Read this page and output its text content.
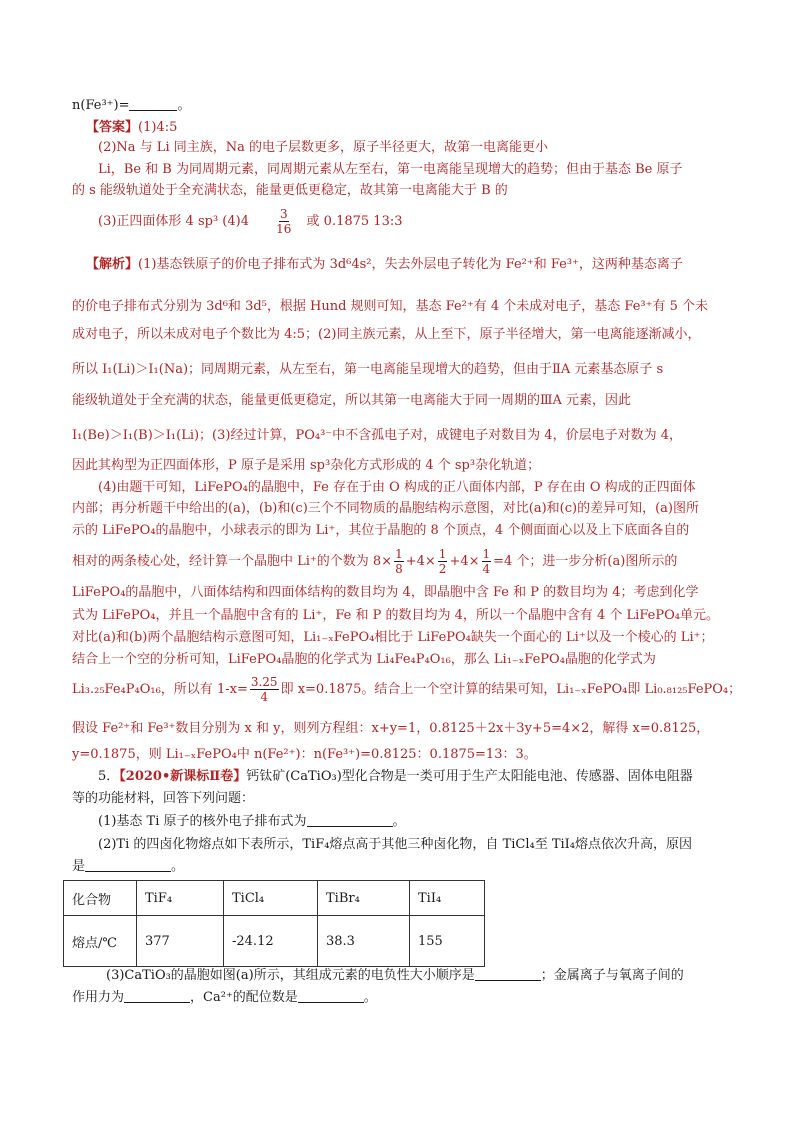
n(Fe³⁺)=	。
【答案】(1)4:5
(2)Na 与 Li 同主族，Na 的电子层数更多，原子半径更大，故第一电离能更小
Li，Be 和 B 为同周期元素，同周期元素从左至右，第一电离能呈现增大的趋势；但由于基态 Be 原子
的 s 能级轨道处于全充满状态，能量更低更稳定，故其第一电离能大于 B 的
(3)正四面体形 4 sp³ $(4)4 \frac{3}{16}$ 或 0.1875 13:3
【解析】(1)基态铁原子的价电子排布式为 3d⁶4s²，失去外层电子转化为 Fe²⁺和 Fe³⁺，这两种基态离子
的价电子排布式分别为 3d⁶和 3d⁵，根据 Hund 规则可知，基态 Fe²⁺有 4 个未成对电子，基态 Fe³⁺有 5 个未
成对电子，所以未成对电子个数比为 4:5；(2)同主族元素，从上至下，原子半径增大，第一电离能逐渐减小，
所以 I₁(Li)＞I₁(Na)；同周期元素，从左至右，第一电离能呈现增大的趋势，但由于ⅡA 元素基态原子 s
能级轨道处于全充满的状态，能量更低更稳定，所以其第一电离能大于同一周期的ⅢA 元素，因此
I₁(Be)＞I₁(B)＞I₁(Li)；(3)经过计算，PO₄³⁻中不含孤电子对，成键电子对数目为 4，价层电子对数为 4，
因此其构型为正四面体形，P 原子是采用 sp³杂化方式形成的 4 个 sp³杂化轨道；
(4)由题干可知，LiFePO₄的晶胞中，Fe 存在于由 O 构成的正八面体内部，P 存在由 O 构成的正四面体
内部；再分析题干中给出的(a)，(b)和(c)三个不同物质的晶胞结构示意图，对比(a)和(c)的差异可知，(a)图所
示的 LiFePO₄的晶胞中，小球表示的即为 Li⁺，其位于晶胞的 8 个顶点，4 个侧面面心以及上下底面各自的
相对的两条棱心处，经计算一个晶胞中 Li⁺的个数为 $8\times \frac{1}{8} +4\times \frac{1}{2} +4\times \frac{1}{4} =4$ 个；进一步分析(a)图所示的
LiFePO₄的晶胞中，八面体结构和四面体结构的数目均为 4，即晶胞中含 Fe 和 P 的数目均为 4；考虑到化学
式为 LiFePO₄，并且一个晶胞中含有的 Li⁺，Fe 和 P 的数目均为 4，所以一个晶胞中含有 4 个 LiFePO₄单元。
对比(a)和(b)两个晶胞结构示意图可知，Li₁₋ₓFePO₄相比于 LiFePO₄缺失一个面心的 Li⁺以及一个棱心的 Li⁺；
结合上一个空的分析可知，LiFePO₄晶胞的化学式为 Li₄Fe₄P₄O₁₆，那么 Li₁₋ₓFePO₄晶胞的化学式为
Li₃.₂₅Fe₄P₄O₁₆，所以有 $1-x= \frac{3.25}{4}$ 即 x=0.1875。结合上一个空计算的结果可知，Li₁₋ₓFePO₄即 Li₀.₈₁₂₅FePO₄；
假设 Fe²⁺和 Fe³⁺数目分别为 x 和 y，则列方程组：x+y=1，0.8125＋2x＋3y+5=4×2，解得 x=0.8125，
y=0.1875，则 Li₁₋ₓFePO₄中 n(Fe²⁺)：n(Fe³⁺)=0.8125：0.1875=13：3。
5．【2020•新课标Ⅱ卷】钙钛矿(CaTiO₃)型化合物是一类可用于生产太阳能电池、传感器、固体电阻器
等的功能材料，回答下列问题：
(1)基态 Ti 原子的核外电子排布式为	。
(2)Ti 的四卤化物熔点如下表所示，TiF₄熔点高于其他三种卤化物，自 TiCl₄至 TiI₄熔点依次升高，原因
是	。
化合物	TiF₄	TiCl₄	TiBr₄	TiI₄
熔点/℃	377	-24.12	38.3	155
(3)CaTiO₃的晶胞如图(a)所示，其组成元素的电负性大小顺序是	；金属离子与氧离子间的
作用力为	，Ca²⁺的配位数是	。
